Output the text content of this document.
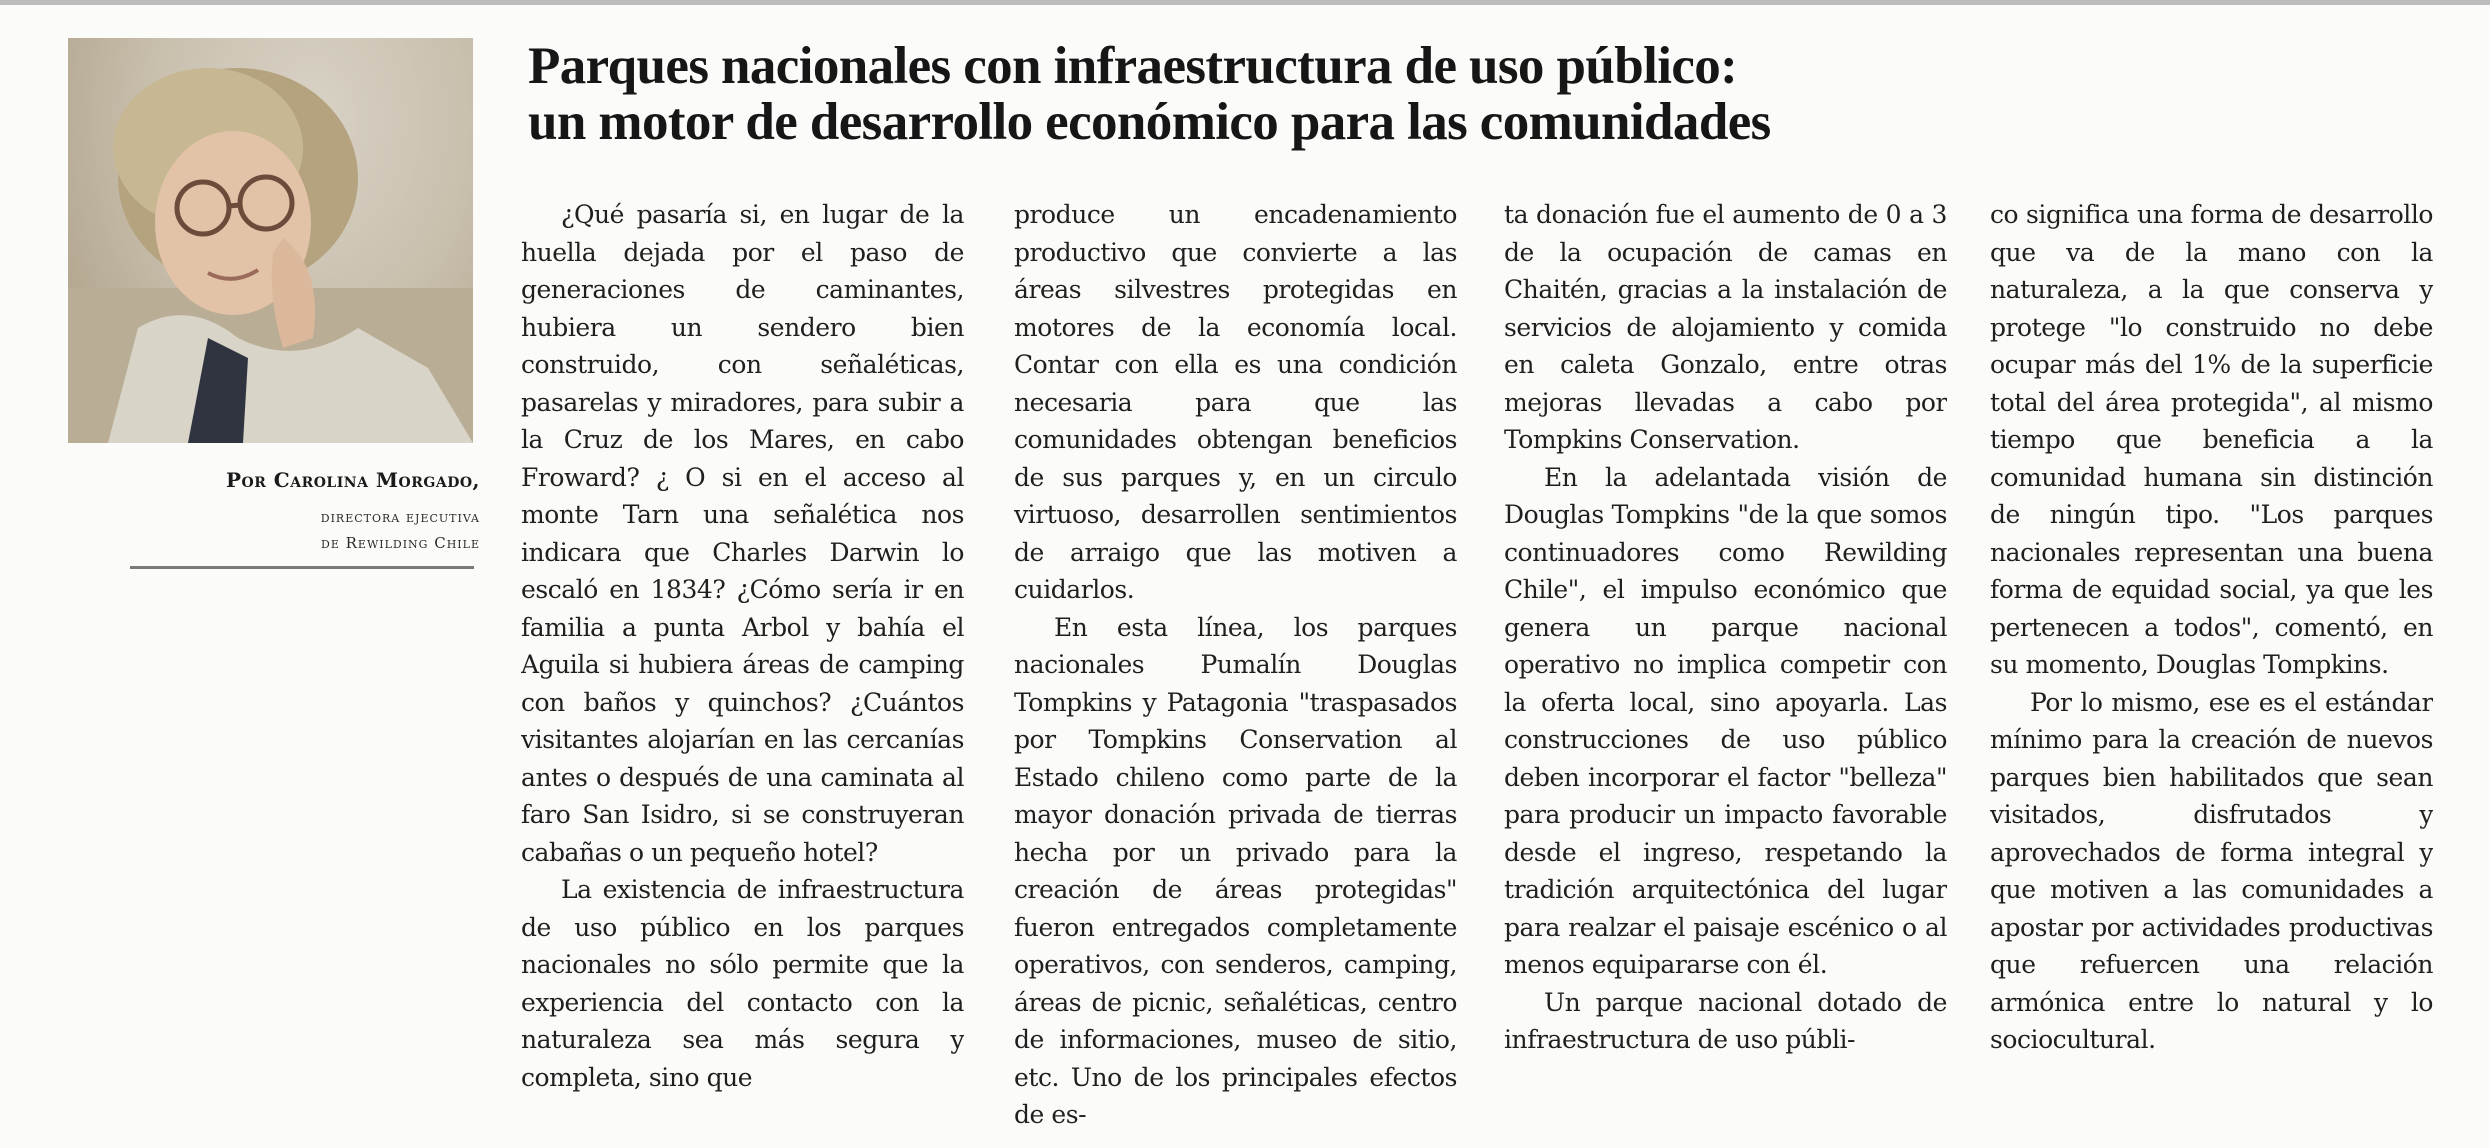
Por Carolina Morgado,
directora ejecutiva
de Rewilding Chile
Parques nacionales con infraestructura de uso público:
un motor de desarrollo económico para las comunidades

¿Qué pasaría si, en lugar de la huella dejada por el paso de generaciones de caminantes, hubiera un sendero bien construido, con señaléticas, pasarelas y miradores, para subir a la Cruz de los Mares, en cabo Froward? ¿ O si en el acceso al monte Tarn una señalética nos indicara que Charles Darwin lo escaló en 1834? ¿Cómo sería ir en familia a punta Arbol y bahía el Aguila si hubiera áreas de camping con baños y quinchos? ¿Cuántos visitantes alojarían en las cercanías antes o después de una caminata al faro San Isidro, si se construyeran cabañas o un pequeño hotel?

La existencia de infraestructura de uso público en los parques nacionales no sólo permite que la experiencia del contacto con la naturaleza sea más segura y completa, sino que

produce un encadenamiento productivo que convierte a las áreas silvestres protegidas en motores de la economía local. Contar con ella es una condición necesaria para que las comunidades obtengan beneficios de sus parques y, en un circulo virtuoso, desarrollen sentimientos de arraigo que las motiven a cuidarlos.

En esta línea, los parques nacionales Pumalín Douglas Tompkins y Patagonia "traspasados por Tompkins Conservation al Estado chileno como parte de la mayor donación privada de tierras hecha por un privado para la creación de áreas protegidas" fueron entregados completamente operativos, con senderos, camping, áreas de picnic, señaléticas, centro de informaciones, museo de sitio, etc. Uno de los principales efectos de es-

ta donación fue el aumento de 0 a 3 de la ocupación de camas en Chaitén, gracias a la instalación de servicios de alojamiento y comida en caleta Gonzalo, entre otras mejoras llevadas a cabo por Tompkins Conservation.

En la adelantada visión de Douglas Tompkins "de la que somos continuadores como Rewilding Chile", el impulso económico que genera un parque nacional operativo no implica competir con la oferta local, sino apoyarla. Las construcciones de uso público deben incorporar el factor "belleza" para producir un impacto favorable desde el ingreso, respetando la tradición arquitectónica del lugar para realzar el paisaje escénico o al menos equipararse con él.

Un parque nacional dotado de infraestructura de uso públi-

co significa una forma de desarrollo que va de la mano con la naturaleza, a la que conserva y protege "lo construido no debe ocupar más del 1% de la superficie total del área protegida", al mismo tiempo que beneficia a la comunidad humana sin distinción de ningún tipo. "Los parques nacionales representan una buena forma de equidad social, ya que les pertenecen a todos", comentó, en su momento, Douglas Tompkins.

Por lo mismo, ese es el estándar mínimo para la creación de nuevos parques bien habilitados que sean visitados, disfrutados y aprovechados de forma integral y que motiven a las comunidades a apostar por actividades productivas que refuercen una relación armónica entre lo natural y lo sociocultural.
